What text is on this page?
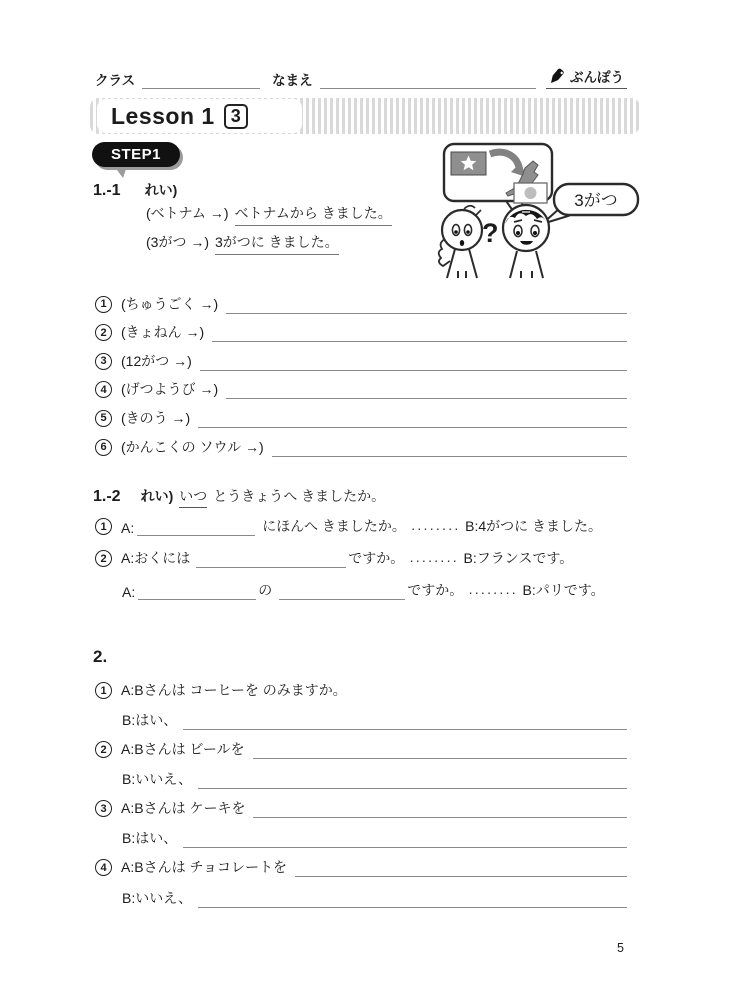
クラス	なまえ	ぶんぽう
Lesson 1 3
STEP1
1.-1 れい)
(ベトナム →) ベトナムから きました。
(3がつ →) 3がつに きました。
3がつ
?
1	(ちゅうごく →)
2	(きょねん →)
3	(12がつ →)
4	(げつようび →)
5	(きのう →)
6	(かんこくの ソウル →)
1.-2 れい) いつ とうきょうへ きましたか。
1	A:	にほんへ きましたか。 ········ B:4がつに きました。
2	A:おくには	ですか。 ········ B:フランスです。
A:	の	ですか。 ········ B:パリです。
2.
1	A:Bさんは コーヒーを のみますか。
B:はい、
2	A:Bさんは ビールを
B:いいえ、
3	A:Bさんは ケーキを
B:はい、
4	A:Bさんは チョコレートを
B:いいえ、
5
